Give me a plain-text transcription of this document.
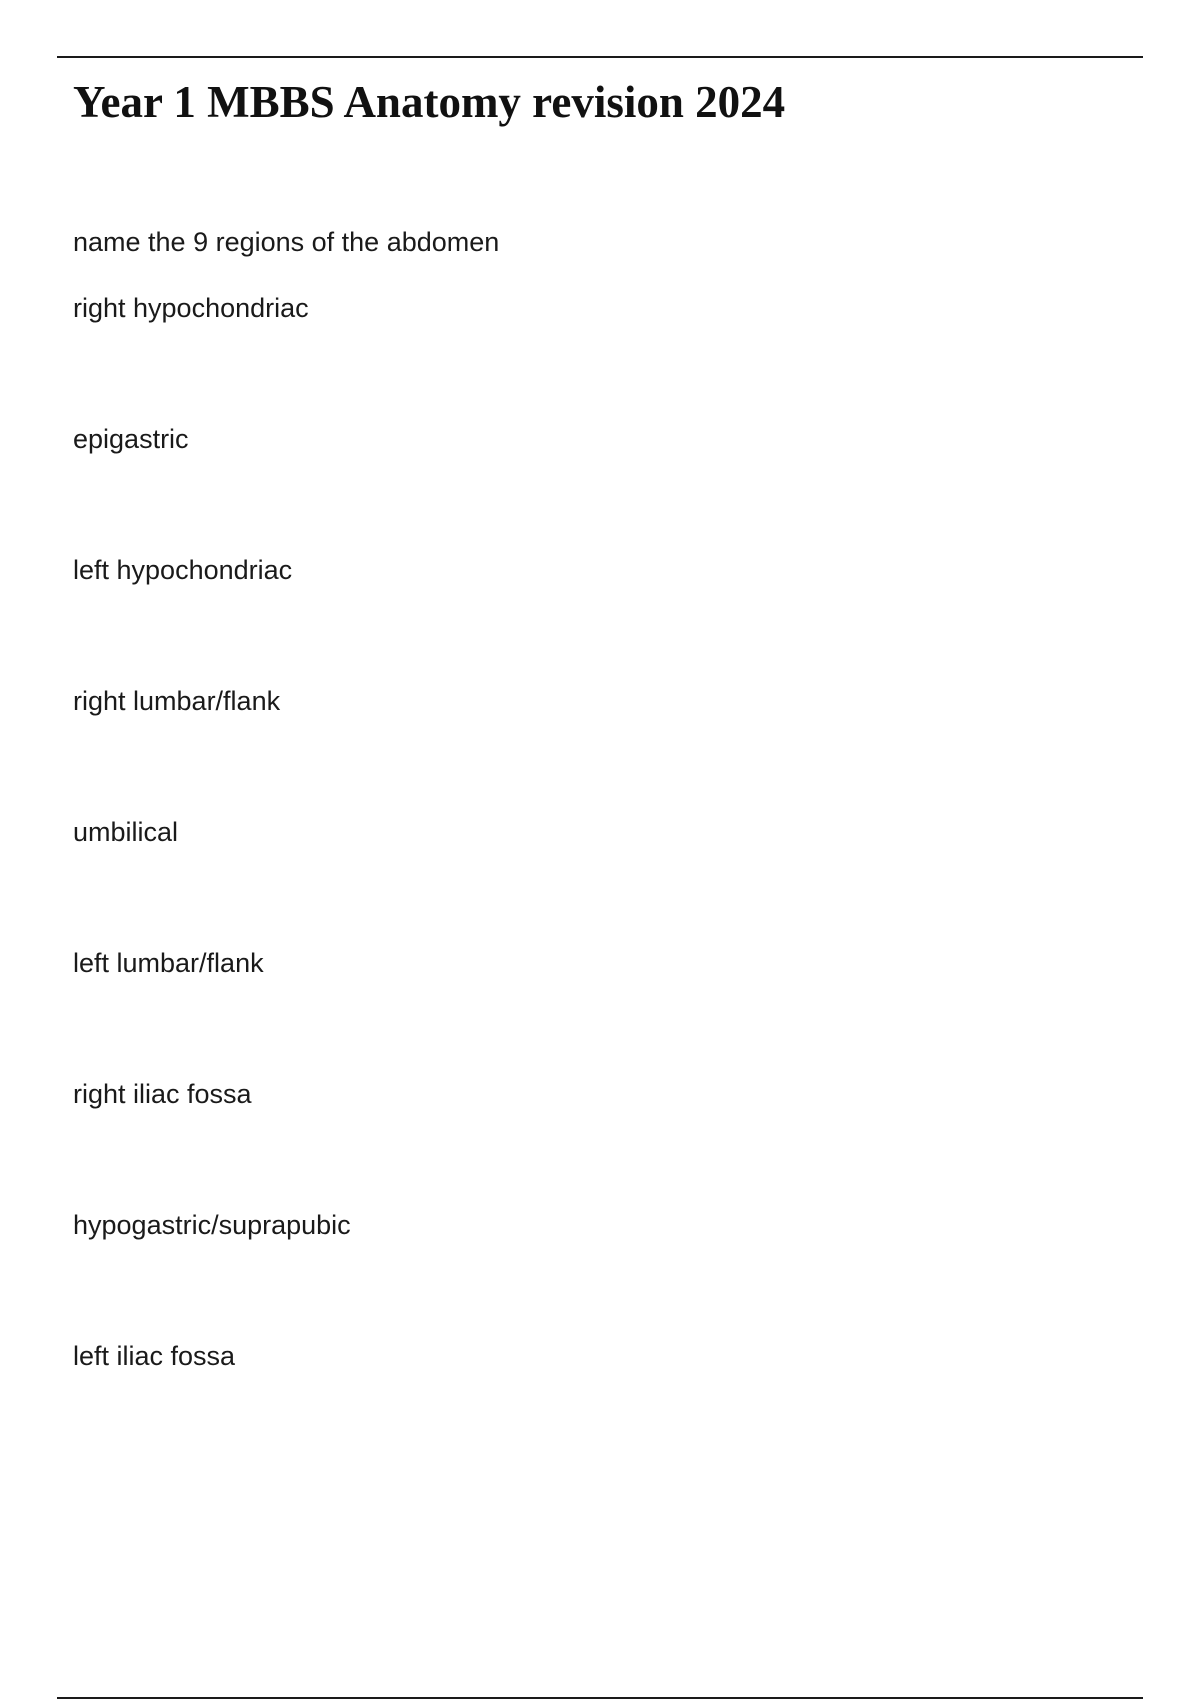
Year 1 MBBS Anatomy revision 2024

name the 9 regions of the abdomen

right hypochondriac
epigastric
left hypochondriac
right lumbar/flank
umbilical
left lumbar/flank
right iliac fossa
hypogastric/suprapubic
left iliac fossa
